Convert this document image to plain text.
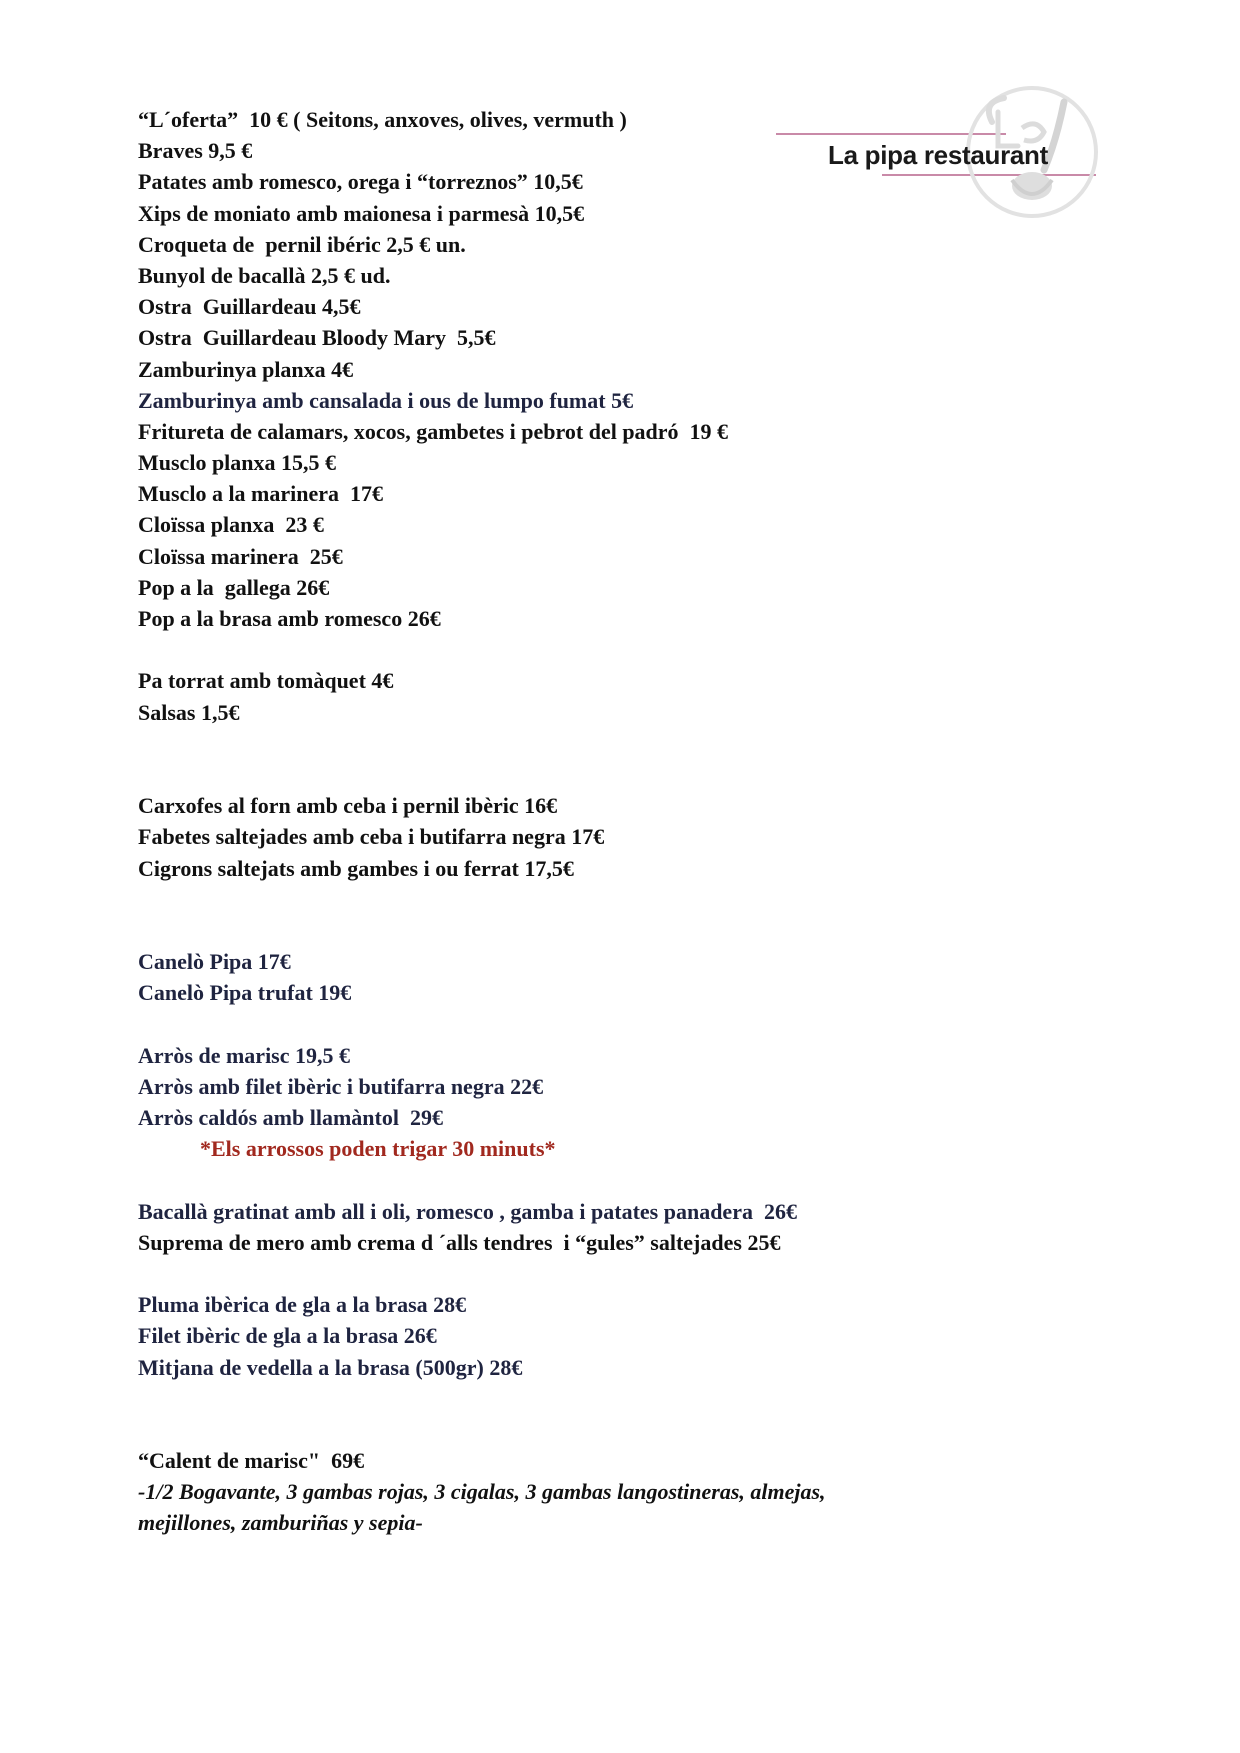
La pipa restaurant
“L´oferta”  10 € ( Seitons, anxoves, olives, vermuth )
Braves 9,5 €
Patates amb romesco, orega i “torreznos” 10,5€
Xips de moniato amb maionesa i parmesà 10,5€
Croqueta de  pernil ibéric 2,5 € un.
Bunyol de bacallà 2,5 € ud.
Ostra  Guillardeau 4,5€
Ostra  Guillardeau Bloody Mary  5,5€
Zamburinya planxa 4€
Zamburinya amb cansalada i ous de lumpo fumat 5€
Fritureta de calamars, xocos, gambetes i pebrot del padró  19 €
Musclo planxa 15,5 €
Musclo a la marinera  17€
Cloïssa planxa  23 €
Cloïssa marinera  25€
Pop a la  gallega 26€
Pop a la brasa amb romesco 26€
Pa torrat amb tomàquet 4€
Salsas 1,5€
Carxofes al forn amb ceba i pernil ibèric 16€
Fabetes saltejades amb ceba i butifarra negra 17€
Cigrons saltejats amb gambes i ou ferrat 17,5€
Canelò Pipa 17€
Canelò Pipa trufat 19€
Arròs de marisc 19,5 €
Arròs amb filet ibèric i butifarra negra 22€
Arròs caldós amb llamàntol  29€
*Els arrossos poden trigar 30 minuts*
Bacallà gratinat amb all i oli, romesco , gamba i patates panadera  26€
Suprema de mero amb crema d ´alls tendres  i “gules” saltejades 25€
Pluma ibèrica de gla a la brasa 28€
Filet ibèric de gla a la brasa 26€
Mitjana de vedella a la brasa (500gr) 28€
“Calent de marisc"  69€
-1/2 Bogavante, 3 gambas rojas, 3 cigalas, 3 gambas langostineras, almejas,
mejillones, zamburiñas y sepia-
